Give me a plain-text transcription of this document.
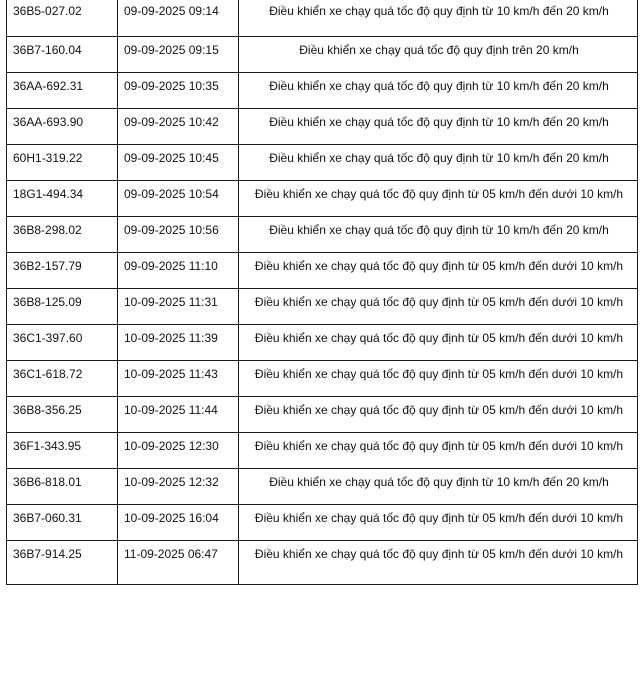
36B5-027.02	09-09-2025 09:14	Điều khiển xe chạy quá tốc độ quy định từ 10 km/h đến 20 km/h
36B7-160.04	09-09-2025 09:15	Điều khiển xe chạy quá tốc độ quy định trên 20 km/h
36AA-692.31	09-09-2025 10:35	Điều khiển xe chạy quá tốc độ quy định từ 10 km/h đến 20 km/h
36AA-693.90	09-09-2025 10:42	Điều khiển xe chạy quá tốc độ quy định từ 10 km/h đến 20 km/h
60H1-319.22	09-09-2025 10:45	Điều khiển xe chạy quá tốc độ quy định từ 10 km/h đến 20 km/h
18G1-494.34	09-09-2025 10:54	Điều khiển xe chạy quá tốc độ quy định từ 05 km/h đến dưới 10 km/h
36B8-298.02	09-09-2025 10:56	Điều khiển xe chạy quá tốc độ quy định từ 10 km/h đến 20 km/h
36B2-157.79	09-09-2025 11:10	Điều khiển xe chạy quá tốc độ quy định từ 05 km/h đến dưới 10 km/h
36B8-125.09	10-09-2025 11:31	Điều khiển xe chạy quá tốc độ quy định từ 05 km/h đến dưới 10 km/h
36C1-397.60	10-09-2025 11:39	Điều khiển xe chạy quá tốc độ quy định từ 05 km/h đến dưới 10 km/h
36C1-618.72	10-09-2025 11:43	Điều khiển xe chạy quá tốc độ quy định từ 05 km/h đến dưới 10 km/h
36B8-356.25	10-09-2025 11:44	Điều khiển xe chạy quá tốc độ quy định từ 05 km/h đến dưới 10 km/h
36F1-343.95	10-09-2025 12:30	Điều khiển xe chạy quá tốc độ quy định từ 05 km/h đến dưới 10 km/h
36B6-818.01	10-09-2025 12:32	Điều khiển xe chạy quá tốc độ quy định từ 10 km/h đến 20 km/h
36B7-060.31	10-09-2025 16:04	Điều khiển xe chạy quá tốc độ quy định từ 05 km/h đến dưới 10 km/h
36B7-914.25	11-09-2025 06:47	Điều khiển xe chạy quá tốc độ quy định từ 05 km/h đến dưới 10 km/h
